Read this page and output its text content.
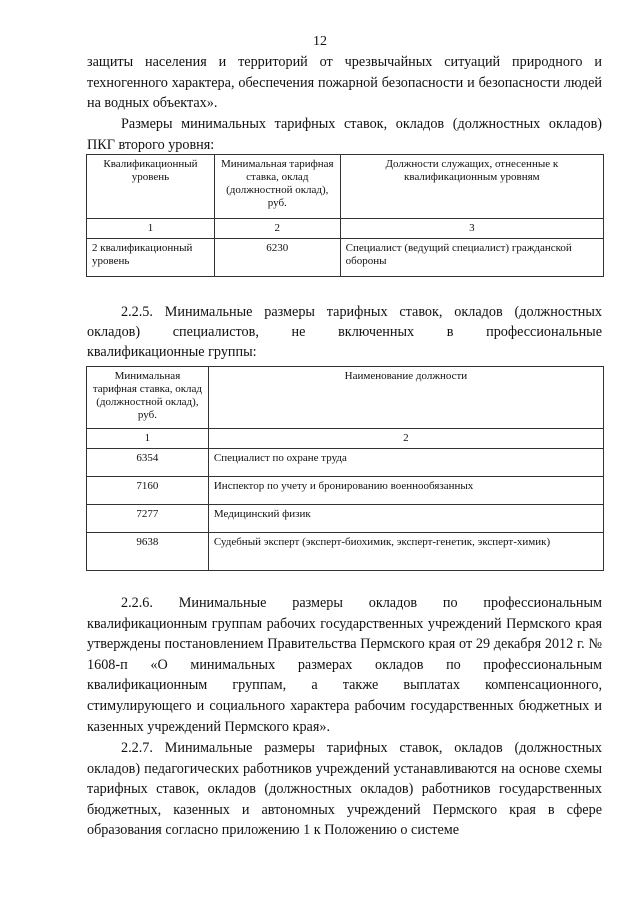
12

защиты населения и территорий от чрезвычайных ситуаций природного и техногенного характера, обеспечения пожарной безопасности и безопасности людей на водных объектах».

Размеры минимальных тарифных ставок, окладов (должностных окладов) ПКГ второго уровня:

Квалификационный уровень	Минимальная тарифная ставка, оклад (должностной оклад), руб.	Должности служащих, отнесенные к квалификационным уровням
1	2	3
2 квалификационный уровень	6230	Специалист (ведущий специалист) гражданской обороны

2.2.5. Минимальные размеры тарифных ставок, окладов (должностных

окладов) специалистов, не включенных в профессиональные

квалификационные группы:

Минимальная тарифная ставка, оклад (должностной оклад), руб.	Наименование должности
1	2
6354	Специалист по охране труда
7160	Инспектор по учету и бронированию военнообязанных
7277	Медицинский физик
9638	Судебный эксперт (эксперт-биохимик, эксперт-генетик, эксперт-химик)

2.2.6. Минимальные размеры окладов по профессиональным квалификационным группам рабочих государственных учреждений Пермского края утверждены постановлением Правительства Пермского края от 29 декабря 2012 г. № 1608-п «О минимальных размерах окладов по профессиональным квалификационным группам, а также выплатах компенсационного, стимулирующего и социального характера рабочим государственных бюджетных и казенных учреждений Пермского края».

2.2.7. Минимальные размеры тарифных ставок, окладов (должностных окладов) педагогических работников учреждений устанавливаются на основе схемы тарифных ставок, окладов (должностных окладов) работников государственных бюджетных, казенных и автономных учреждений Пермского края в сфере образования согласно приложению 1 к Положению о системе
